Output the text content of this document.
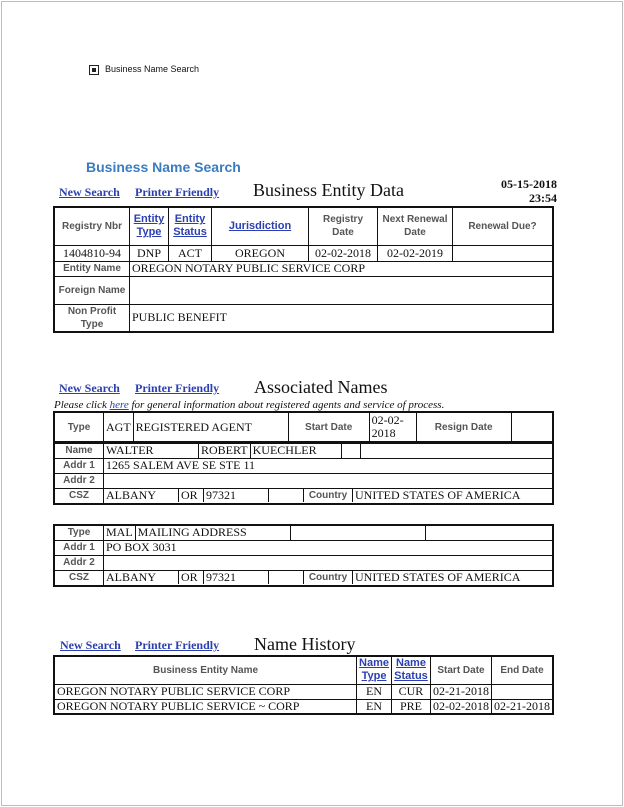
Business Name Search
Business Name Search
New Search Printer Friendly Business Entity Data	05-15-2018
23:54
Registry Nbr	Entity Type	Entity Status	Jurisdiction	Registry Date	Next Renewal Date	Renewal Due?
1404810-94	DNP	ACT	OREGON	02-02-2018	02-02-2019	
Entity Name	OREGON NOTARY PUBLIC SERVICE CORP					
Foreign Name						
Non Profit Type	PUBLIC BENEFIT					
New Search Printer Friendly Associated Names
Please click here for general information about registered agents and service of process.
Type	AGT	REGISTERED AGENT	Start Date	02-02-2018	Resign Date	
Name	WALTER	ROBERT	KUECHLER		
Addr 1	1265 SALEM AVE SE STE 11
Addr 2	
CSZ	ALBANY	OR	97321		Country	UNITED STATES OF AMERICA
Type	MAL	MAILING ADDRESS		
Addr 1	PO BOX 3031
Addr 2	
CSZ	ALBANY	OR	97321		Country	UNITED STATES OF AMERICA
New Search Printer Friendly Name History
Business Entity Name	Name Type	Name Status	Start Date	End Date
OREGON NOTARY PUBLIC SERVICE CORP	EN	CUR	02-21-2018	
OREGON NOTARY PUBLIC SERVICE ~ CORP	EN	PRE	02-02-2018	02-21-2018
